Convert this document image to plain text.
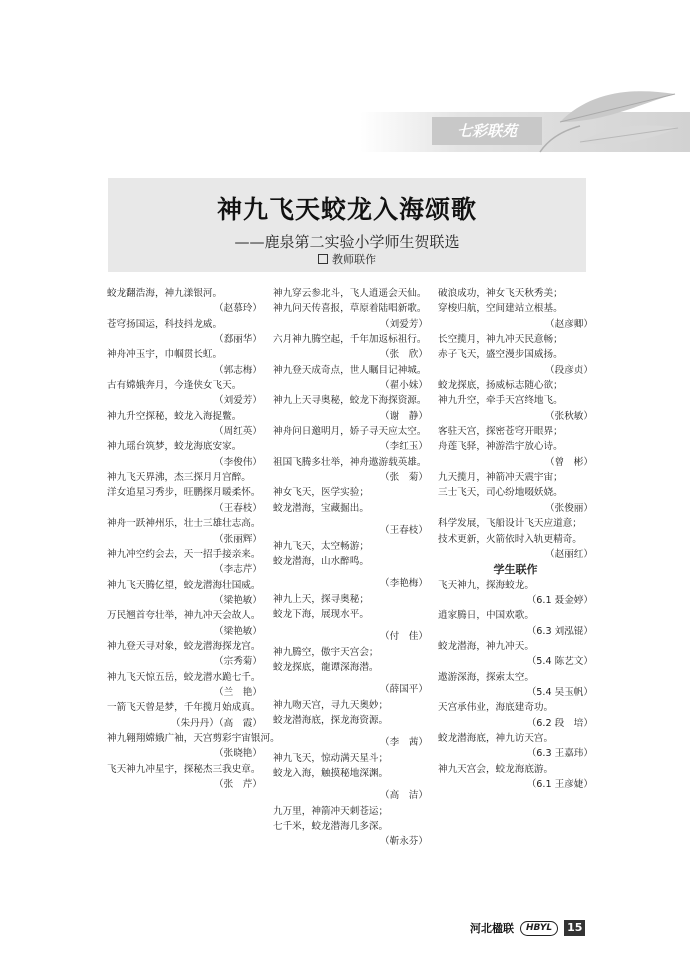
七彩联苑
神九飞天蛟龙入海颂歌
——鹿泉第二实验小学师生贺联选
教师联作
蛟龙翻浩海，神九漾银河。
（赵慕玲）
苍穹扬国运，科技抖龙威。
（郄丽华）
神舟冲玉宇，巾帼贯长虹。
（郭志梅）
古有嫦娥奔月，今逢侠女飞天。
（刘爱芳）
神九升空探秘，蛟龙入海捉鳖。
（周红英）
神九瑶台筑梦，蛟龙海底安家。
（李俊伟）
神九飞天界沸，杰三探月月宫醉。
洋女追星习秀步，旺鹏探月暖柔怀。
（王春枝）
神舟一跃神州乐，壮士三雄壮志高。
（张丽辉）
神九冲空约会去，天一招手接亲来。
（李志芹）
神九飞天腾亿望，蛟龙潜海壮国威。
（梁艳敏）
万民翘首夸壮举，神九冲天会故人。
（梁艳敏）
神九登天寻对象，蛟龙潜海探龙宫。
（宗秀菊）
神九飞天惊五岳，蛟龙潜水跪七千。
（兰　艳）
一箭飞天曾是梦，千年揽月始成真。
（朱丹丹）（高　霞）
神九翱翔嫦娥广袖，天宫剪彩宇宙银河。
（张晓艳）
飞天神九冲星宇，探秘杰三我史章。
（张　芹）
神九穿云参北斗，飞人逍遥会天仙。
神九问天传喜报，草原着陆唱新歌。
（刘爱芳）
六月神九腾空起，千年加返标祖行。
（张　欣）
神九登天成奇点，世人瞩目记神城。
（翟小妹）
神九上天寻奥秘，蛟龙下海探资源。
（谢　静）
神舟问日邀明月，娇子寻天应太空。
（李红玉）
祖国飞腾多壮举，神舟遨游载英雄。
（张　菊）
神女飞天，医学实验；
蛟龙潜海，宝藏掘出。
（王春枝）
神九飞天，太空畅游；
蛟龙潜海，山水醉鸣。
（李艳梅）
神九上天，探寻奥秘；
蛟龙下海，展现水平。
（付　佳）
神九腾空，傲宇天宫会；
蛟龙探底，龍谭深海潜。
（薛国平）
神九吻天宫，寻九天奥妙；
蛟龙潜海底，探龙海资源。
（李　茜）
神九飞天，惊动满天星斗；
蛟龙入海，触摸秘地深渊。
（高　洁）
九万里，神箭冲天刺苍运；
七千米，蛟龙潜海几多深。
（靳永芬）
破浪成功，神女飞天秋秀美；
穿梭归航，空间建站立根基。
（赵彦卿）
长空揽月，神九冲天民意畅；
赤子飞天，盛空漫步国威扬。
（段彦贞）
蛟龙探底，扬威标志随心欲；
神九升空，牵手天宫终地飞。
（张秋敏）
客驻天宫，探密苍穹开眼界；
舟莲飞驿，神游浩宇放心诗。
（曾　彬）
九天揽月，神箭冲天震宇宙；
三士飞天，司心纷地啜妖娆。
（张俊丽）
科学发展，飞船设计飞天应道意；
技术更新，火箭依时入轨更精奇。
（赵丽红）
学生联作
飞天神九，探海蛟龙。
（6.1 聂金婷）
逍家腾日，中国欢歌。
（6.3 刘泓锟）
蛟龙潜海，神九冲天。
（5.4 陈艺文）
遨游深海，探索太空。
（5.4 吴玉帆）
天宫承伟业，海底建奇功。
（6.2 段　培）
蛟龙潜海底，神九访天宫。
（6.3 王嘉玮）
神九天宫会，蛟龙海底游。
（6.1 王彦婕）
河北楹联	HBYL	15
